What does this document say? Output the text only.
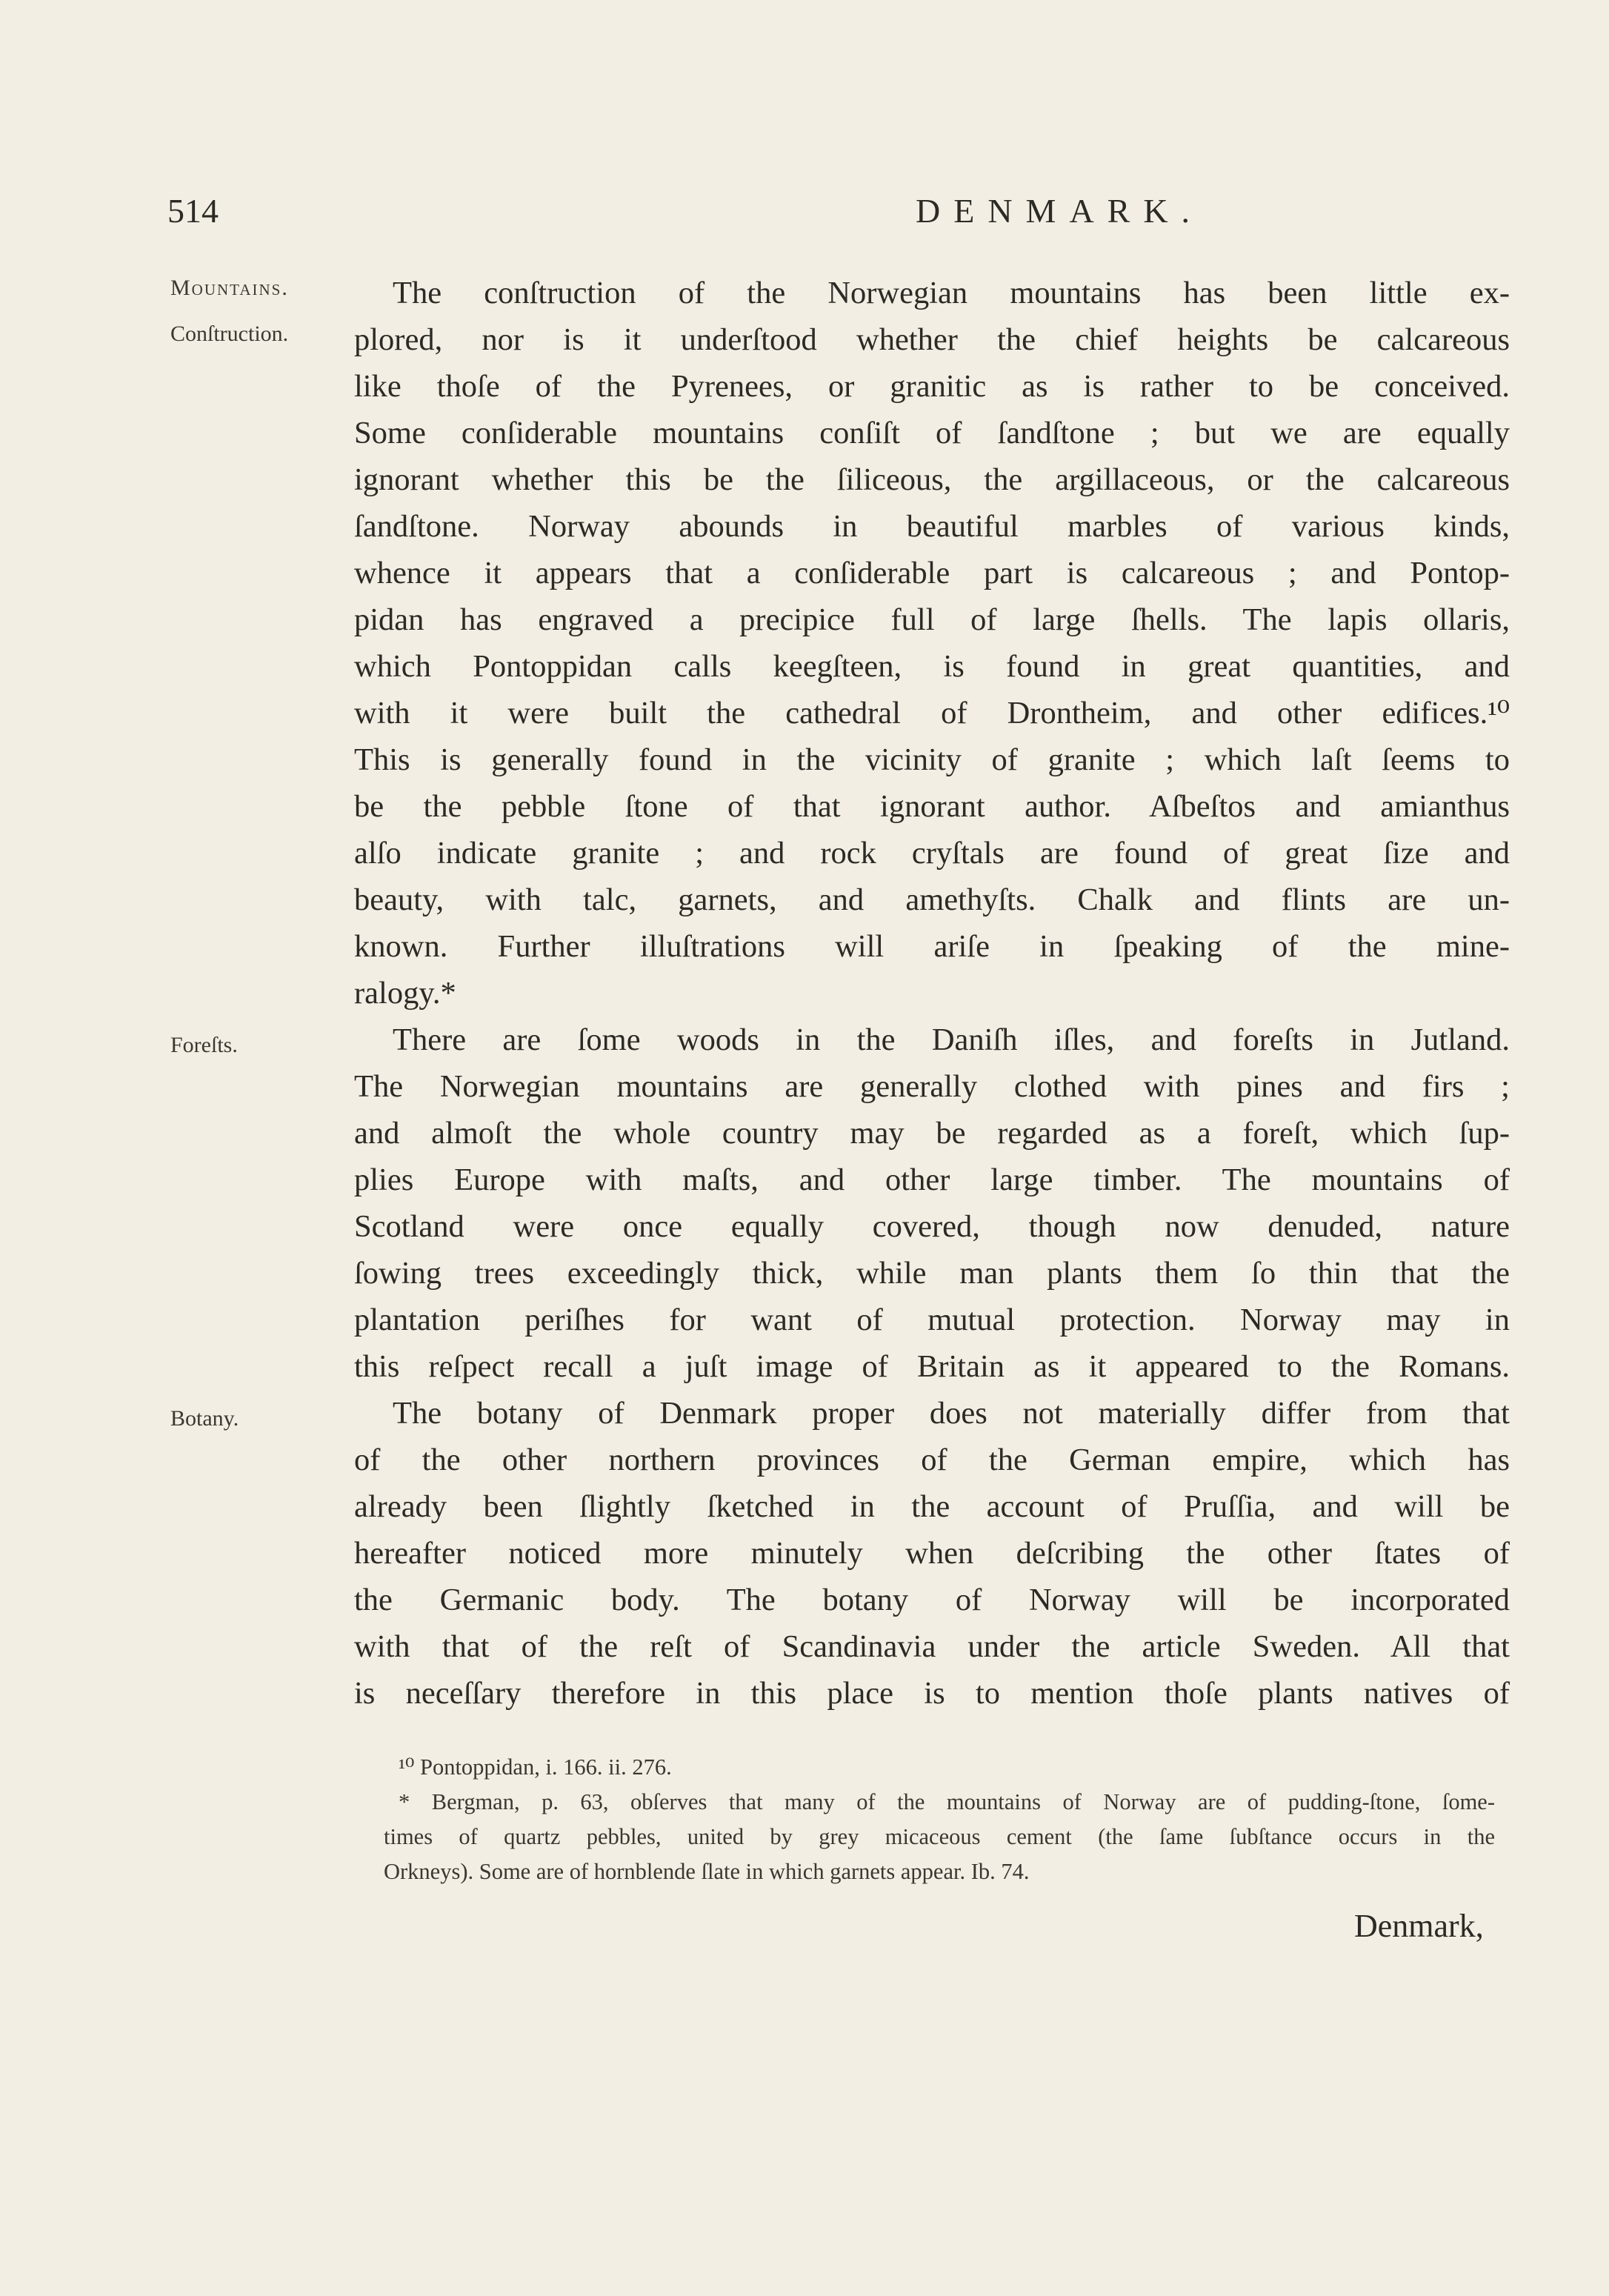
514	DENMARK.
Mountains.
Conſtruction.
Foreſts.
Botany.
The conſtruction of the Norwegian mountains has been little ex-
plored, nor is it underſtood whether the chief heights be calcareous
like thoſe of the Pyrenees, or granitic as is rather to be conceived.
Some conſiderable mountains conſiſt of ſandſtone ; but we are equally
ignorant whether this be the ſiliceous, the argillaceous, or the calcareous
ſandſtone. Norway abounds in beautiful marbles of various kinds,
whence it appears that a conſiderable part is calcareous ; and Pontop-
pidan has engraved a precipice full of large ſhells. The lapis ollaris,
which Pontoppidan calls keegſteen, is found in great quantities, and
with it were built the cathedral of Drontheim, and other edifices.¹⁰
This is generally found in the vicinity of granite ; which laſt ſeems to
be the pebble ſtone of that ignorant author. Aſbeſtos and amianthus
alſo indicate granite ; and rock cryſtals are found of great ſize and
beauty, with talc, garnets, and amethyſts. Chalk and flints are un-
known. Further illuſtrations will ariſe in ſpeaking of the mine-
ralogy.*
There are ſome woods in the Daniſh iſles, and foreſts in Jutland.
The Norwegian mountains are generally clothed with pines and firs ;
and almoſt the whole country may be regarded as a foreſt, which ſup-
plies Europe with maſts, and other large timber. The mountains of
Scotland were once equally covered, though now denuded, nature
ſowing trees exceedingly thick, while man plants them ſo thin that the
plantation periſhes for want of mutual protection. Norway may in
this reſpect recall a juſt image of Britain as it appeared to the Romans.
The botany of Denmark proper does not materially differ from that
of the other northern provinces of the German empire, which has
already been ſlightly ſketched in the account of Pruſſia, and will be
hereafter noticed more minutely when deſcribing the other ſtates of
the Germanic body. The botany of Norway will be incorporated
with that of the reſt of Scandinavia under the article Sweden. All that
is neceſſary therefore in this place is to mention thoſe plants natives of
¹⁰ Pontoppidan, i. 166. ii. 276.
* Bergman, p. 63, obſerves that many of the mountains of Norway are of pudding-ſtone, ſome-
times of quartz pebbles, united by grey micaceous cement (the ſame ſubſtance occurs in the
Orkneys). Some are of hornblende ſlate in which garnets appear. Ib. 74.
Denmark,
